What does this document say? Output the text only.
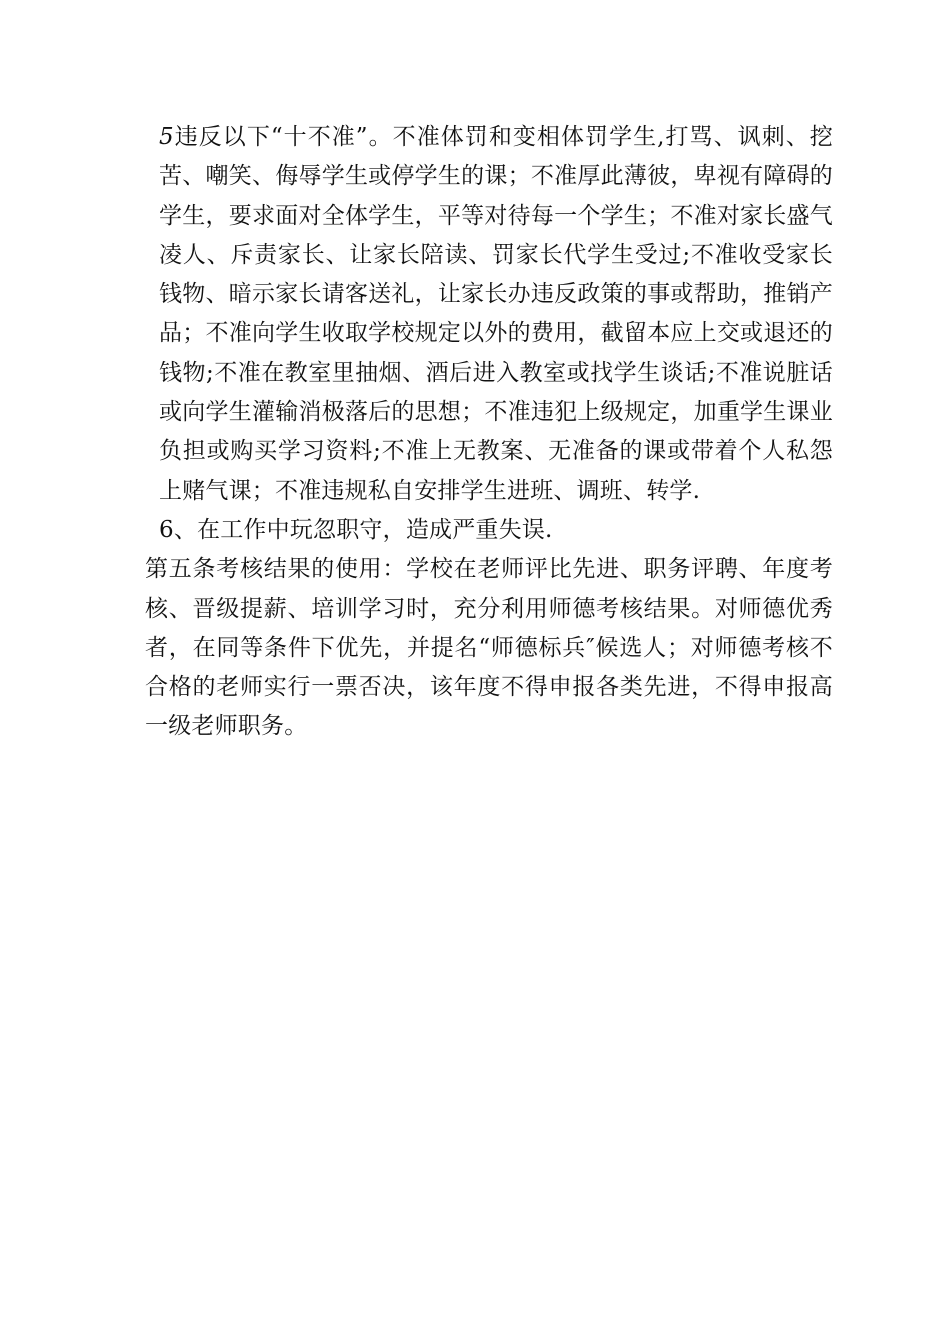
5违反以下“十不准”。不准体罚和变相体罚学生,打骂、讽刺、挖苦、嘲笑、侮辱学生或停学生的课；不准厚此薄彼，卑视有障碍的学生，要求面对全体学生，平等对待每一个学生；不准对家长盛气凌人、斥责家长、让家长陪读、罚家长代学生受过;不准收受家长钱物、暗示家长请客送礼，让家长办违反政策的事或帮助，推销产品；不准向学生收取学校规定以外的费用，截留本应上交或退还的钱物;不准在教室里抽烟、酒后进入教室或找学生谈话;不准说脏话或向学生灌输消极落后的思想；不准违犯上级规定，加重学生课业负担或购买学习资料;不准上无教案、无准备的课或带着个人私怨上赌气课；不准违规私自安排学生进班、调班、转学.

6、在工作中玩忽职守，造成严重失误.

第五条考核结果的使用：学校在老师评比先进、职务评聘、年度考核、晋级提薪、培训学习时，充分利用师德考核结果。对师德优秀者，在同等条件下优先，并提名“师德标兵″候选人；对师德考核不合格的老师实行一票否决，该年度不得申报各类先进，不得申报高一级老师职务。
